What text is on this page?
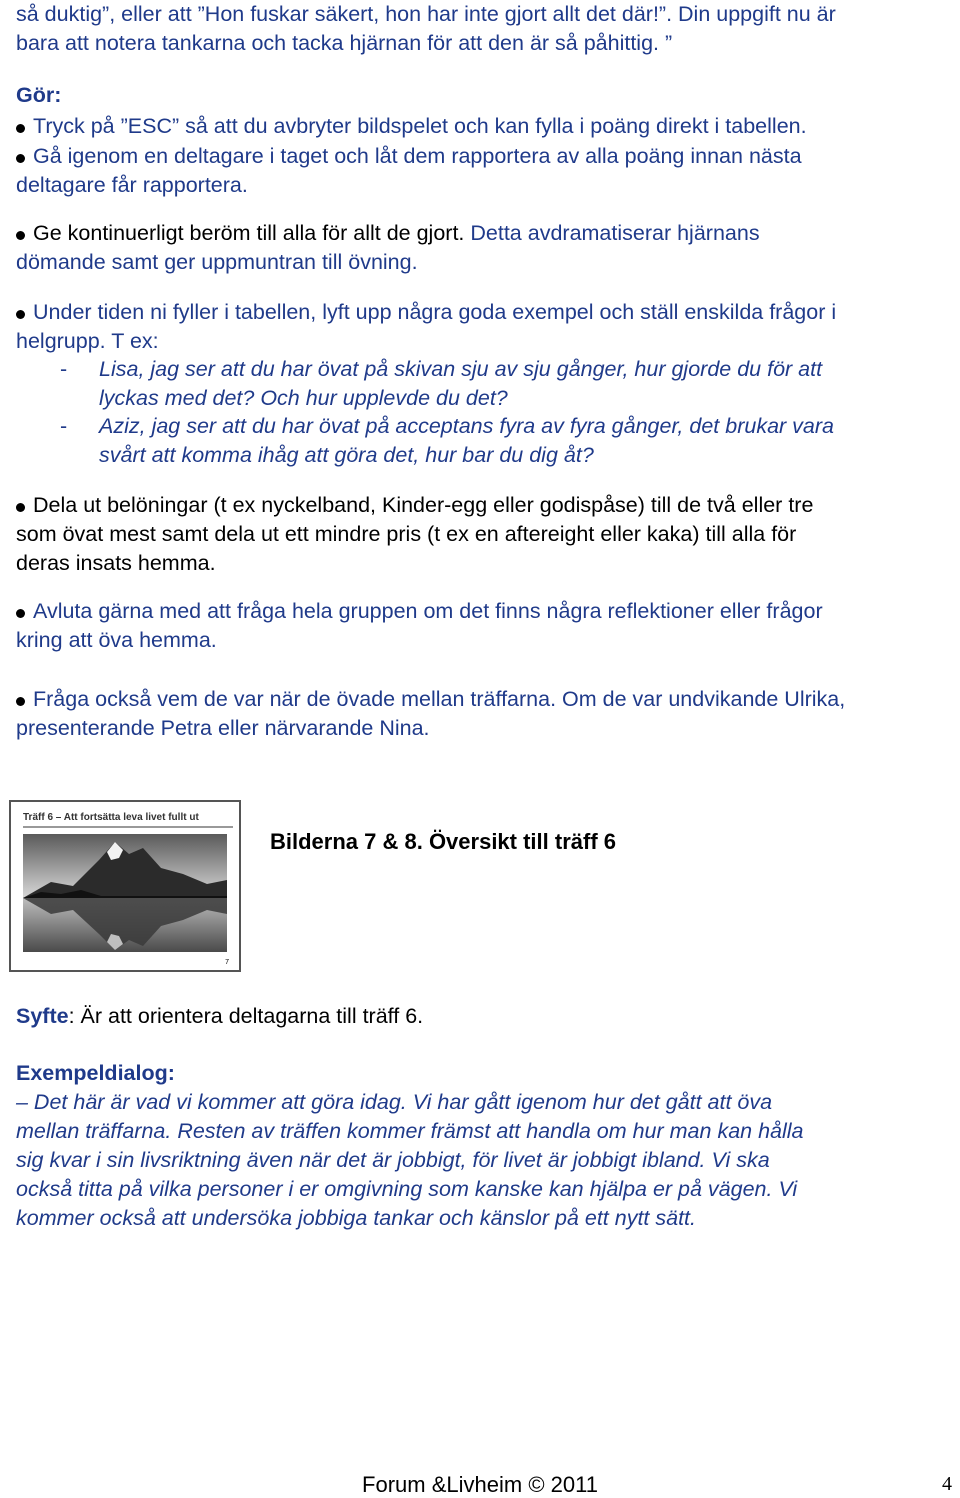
så duktig”, eller att ”Hon fuskar säkert, hon har inte gjort allt det där!”. Din uppgift nu är
bara att notera tankarna och tacka hjärnan för att den är så påhittig. ”
Gör:
Tryck på ”ESC” så att du avbryter bildspelet och kan fylla i poäng direkt i tabellen.
Gå igenom en deltagare i taget och låt dem rapportera av alla poäng innan nästa
deltagare får rapportera.
Ge kontinuerligt beröm till alla för allt de gjort. Detta avdramatiserar hjärnans
dömande samt ger uppmuntran till övning.
Under tiden ni fyller i tabellen, lyft upp några goda exempel och ställ enskilda frågor i
helgrupp. T ex:
-	Lisa, jag ser att du har övat på skivan sju av sju gånger, hur gjorde du för att
lyckas med det? Och hur upplevde du det?
-	Aziz, jag ser att du har övat på acceptans fyra av fyra gånger, det brukar vara
svårt att komma ihåg att göra det, hur bar du dig åt?
Dela ut belöningar (t ex nyckelband, Kinder-egg eller godispåse) till de två eller tre
som övat mest samt dela ut ett mindre pris (t ex en aftereight eller kaka) till alla för
deras insats hemma.
Avluta gärna med att fråga hela gruppen om det finns några reflektioner eller frågor
kring att öva hemma.
Fråga också vem de var när de övade mellan träffarna. Om de var undvikande Ulrika,
presenterande Petra eller närvarande Nina.
Träff 6 – Att fortsätta leva livet fullt ut
7
Bilderna 7 & 8. Översikt till träff 6
Syfte: Är att orientera deltagarna till träff 6.
Exempeldialog:
– Det här är vad vi kommer att göra idag. Vi har gått igenom hur det gått att öva
mellan träffarna. Resten av träffen kommer främst att handla om hur man kan hålla
sig kvar i sin livsriktning även när det är jobbigt, för livet är jobbigt ibland. Vi ska
också titta på vilka personer i er omgivning som kanske kan hjälpa er på vägen. Vi
kommer också att undersöka jobbiga tankar och känslor på ett nytt sätt.
Forum &Livheim © 2011	4
